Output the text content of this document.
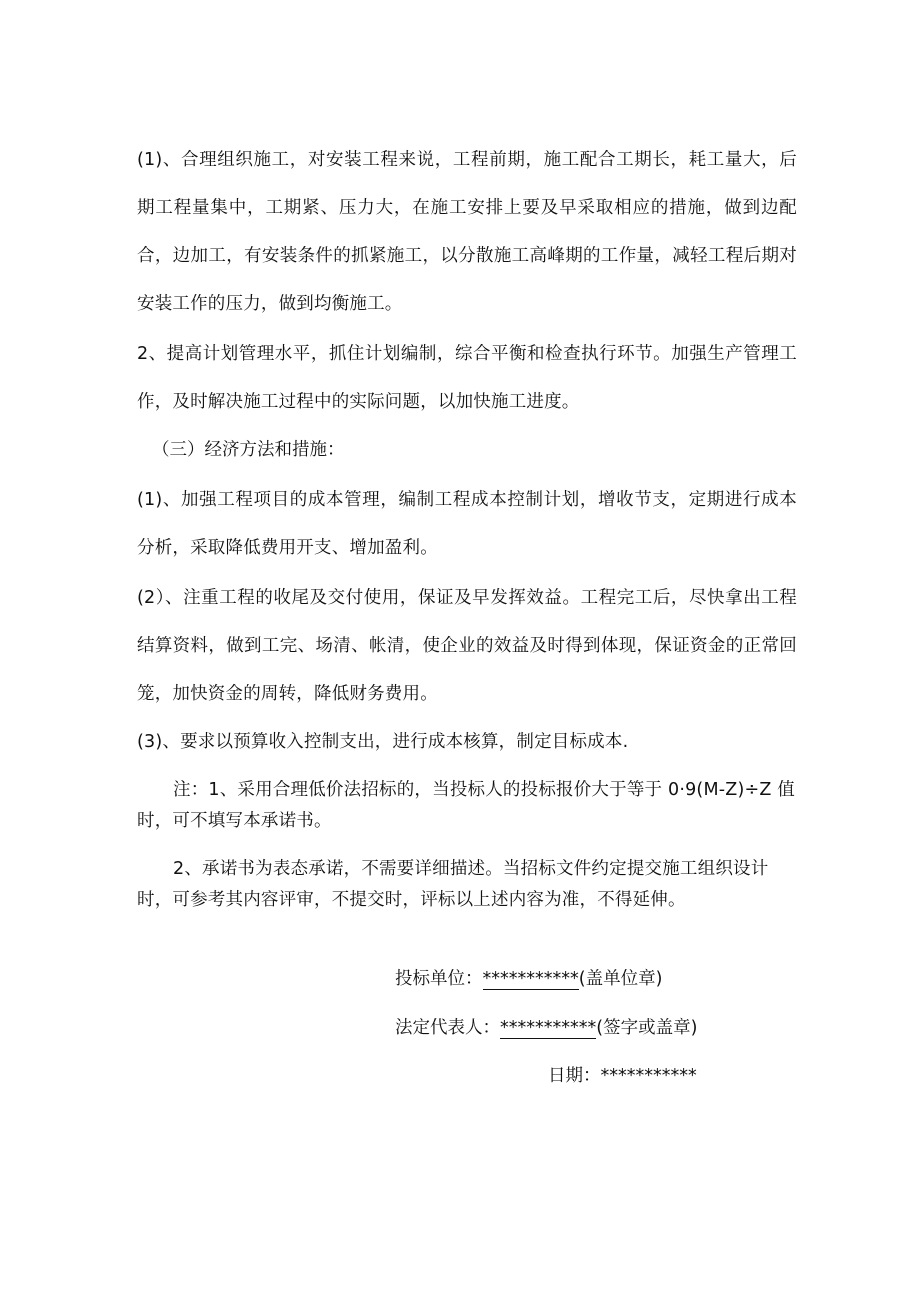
(1)、合理组织施工，对安装工程来说，工程前期，施工配合工期长，耗工量大，后期工程量集中，工期紧、压力大，在施工安排上要及早采取相应的措施，做到边配合，边加工，有安装条件的抓紧施工，以分散施工高峰期的工作量，减轻工程后期对安装工作的压力，做到均衡施工。
2、提高计划管理水平，抓住计划编制，综合平衡和检查执行环节。加强生产管理工作，及时解决施工过程中的实际问题，以加快施工进度。
（三）经济方法和措施：
(1)、加强工程项目的成本管理，编制工程成本控制计划，增收节支，定期进行成本分析，采取降低费用开支、增加盈利。
(2）、注重工程的收尾及交付使用，保证及早发挥效益。工程完工后，尽快拿出工程结算资料，做到工完、场清、帐清，使企业的效益及时得到体现，保证资金的正常回笼，加快资金的周转，降低财务费用。
(3)、要求以预算收入控制支出，进行成本核算，制定目标成本.
注：1、采用合理低价法招标的，当投标人的投标报价大于等于 0·9(M-Z)÷Z 值时，可不填写本承诺书。
2、承诺书为表态承诺，不需要详细描述。当招标文件约定提交施工组织设计时，可参考其内容评审，不提交时，评标以上述内容为准，不得延伸。
投标单位：***********(盖单位章)
法定代表人：***********(签字或盖章)
日期：***********
